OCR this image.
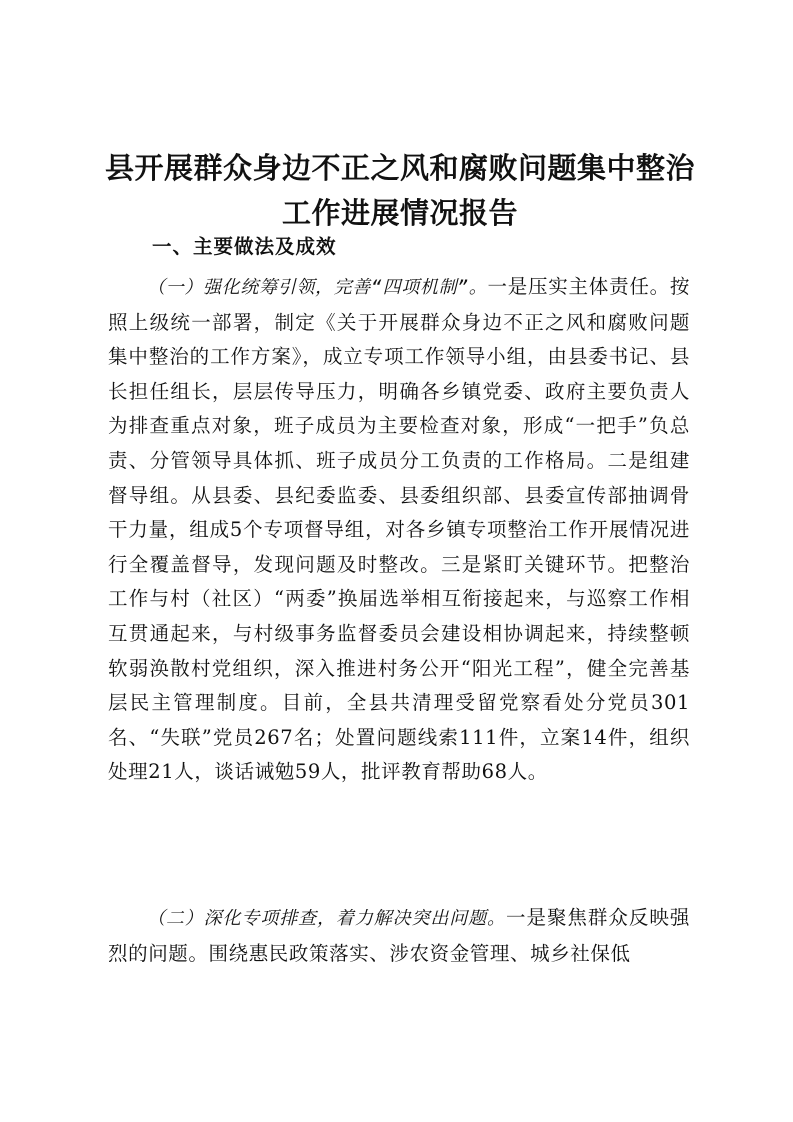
县开展群众身边不正之风和腐败问题集中整治
工作进展情况报告
一、主要做法及成效

（一）强化统筹引领，完善“四项机制”。一是压实主体责任。按照上级统一部署，制定《关于开展群众身边不正之风和腐败问题集中整治的工作方案》，成立专项工作领导小组，由县委书记、县长担任组长，层层传导压力，明确各乡镇党委、政府主要负责人为排查重点对象，班子成员为主要检查对象，形成“一把手”负总责、分管领导具体抓、班子成员分工负责的工作格局。二是组建督导组。从县委、县纪委监委、县委组织部、县委宣传部抽调骨干力量，组成5个专项督导组，对各乡镇专项整治工作开展情况进行全覆盖督导，发现问题及时整改。三是紧盯关键环节。把整治工作与村（社区）“两委”换届选举相互衔接起来，与巡察工作相互贯通起来，与村级事务监督委员会建设相协调起来，持续整顿软弱涣散村党组织，深入推进村务公开“阳光工程”，健全完善基层民主管理制度。目前，全县共清理受留党察看处分党员301名、“失联”党员267名；处置问题线索111件，立案14件，组织处理21人，谈话诫勉59人，批评教育帮助68人。

（二）深化专项排查，着力解决突出问题。一是聚焦群众反映强烈的问题。围绕惠民政策落实、涉农资金管理、城乡社保低
